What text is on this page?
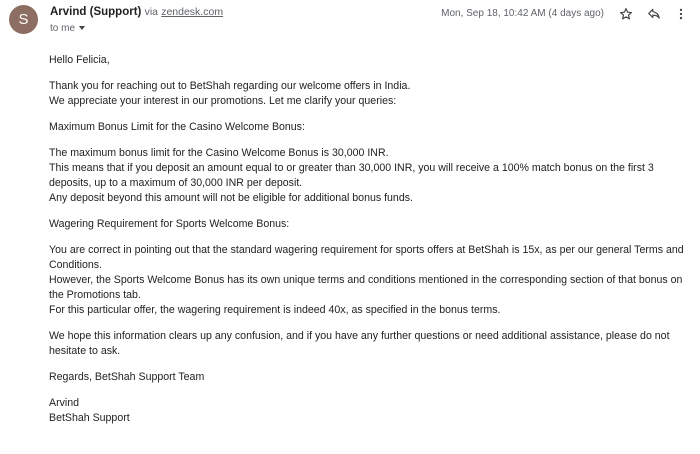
S	Arvind (Support) via zendesk.com
to me
Mon, Sep 18, 10:42 AM (4 days ago)

Hello Felicia,

Thank you for reaching out to BetShah regarding our welcome offers in India.
We appreciate your interest in our promotions. Let me clarify your queries:

Maximum Bonus Limit for the Casino Welcome Bonus:

The maximum bonus limit for the Casino Welcome Bonus is 30,000 INR.
This means that if you deposit an amount equal to or greater than 30,000 INR, you will receive a 100% match bonus on the first 3 deposits, up to a maximum of 30,000 INR per deposit.
Any deposit beyond this amount will not be eligible for additional bonus funds.

Wagering Requirement for Sports Welcome Bonus:

You are correct in pointing out that the standard wagering requirement for sports offers at BetShah is 15x, as per our general Terms and Conditions.
However, the Sports Welcome Bonus has its own unique terms and conditions mentioned in the corresponding section of that bonus on the Promotions tab.
For this particular offer, the wagering requirement is indeed 40x, as specified in the bonus terms.

We hope this information clears up any confusion, and if you have any further questions or need additional assistance, please do not hesitate to ask.

Regards, BetShah Support Team

Arvind
BetShah Support
